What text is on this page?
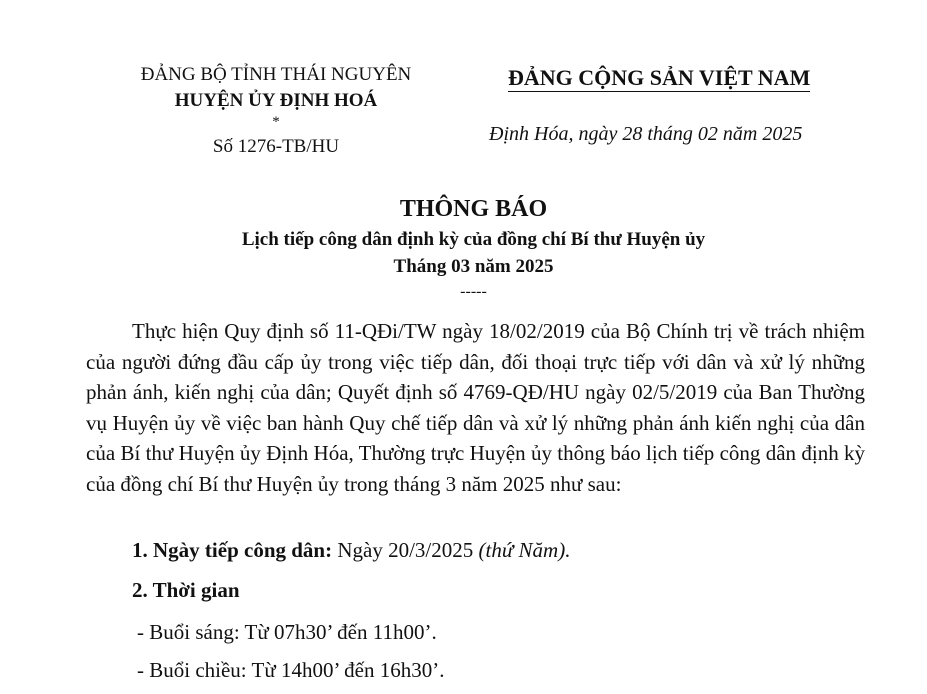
ĐẢNG BỘ TỈNH THÁI NGUYÊN
HUYỆN ỦY ĐỊNH HOÁ
*
Số 1276-TB/HU
ĐẢNG CỘNG SẢN VIỆT NAM
Định Hóa, ngày 28 tháng 02 năm 2025
THÔNG BÁO
Lịch tiếp công dân định kỳ của đồng chí Bí thư Huyện ủy
Tháng 03 năm 2025
-----
Thực hiện Quy định số 11-QĐi/TW ngày 18/02/2019 của Bộ Chính trị về trách nhiệm của người đứng đầu cấp ủy trong việc tiếp dân, đối thoại trực tiếp với dân và xử lý những phản ánh, kiến nghị của dân; Quyết định số 4769-QĐ/HU ngày 02/5/2019 của Ban Thường vụ Huyện ủy về việc ban hành Quy chế tiếp dân và xử lý những phản ánh kiến nghị của dân của Bí thư Huyện ủy Định Hóa, Thường trực Huyện ủy thông báo lịch tiếp công dân định kỳ của đồng chí Bí thư Huyện ủy trong tháng 3 năm 2025 như sau:
1. Ngày tiếp công dân: Ngày 20/3/2025 (thứ Năm).
2. Thời gian
- Buổi sáng: Từ 07h30’ đến 11h00’.
- Buổi chiều: Từ 14h00’ đến 16h30’.
